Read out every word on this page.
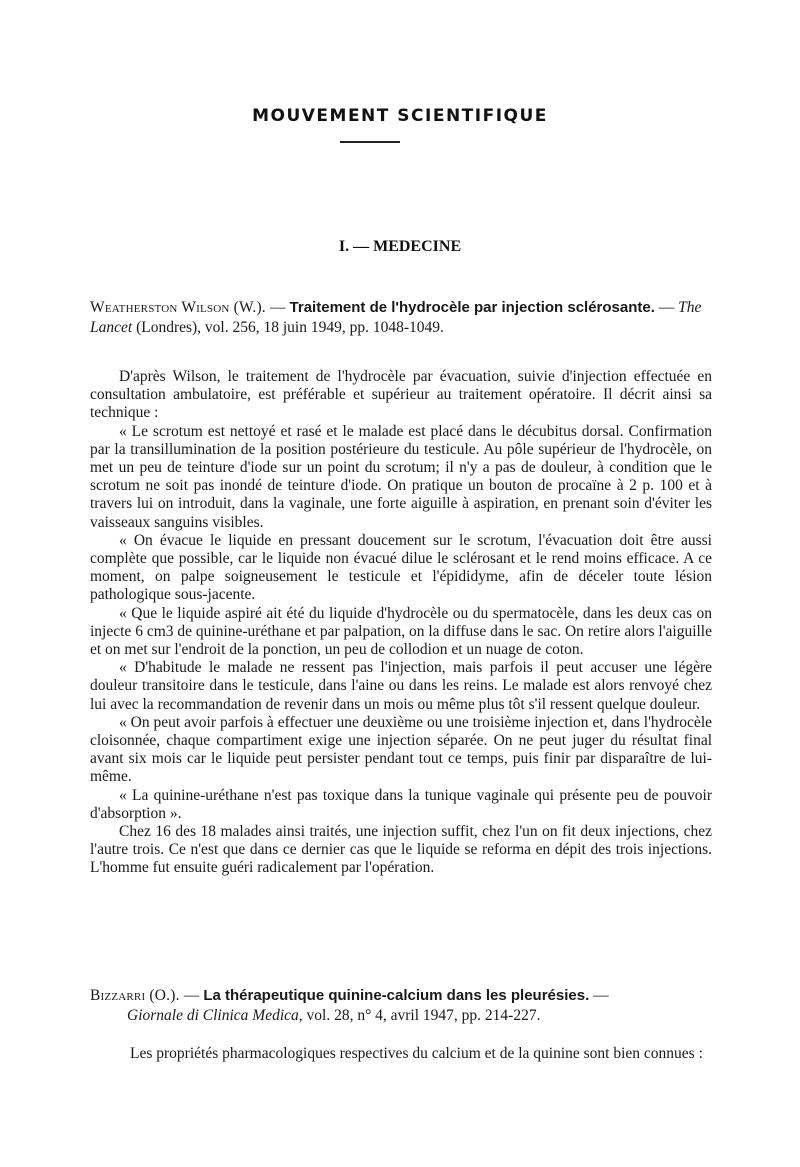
MOUVEMENT SCIENTIFIQUE
I. — MEDECINE
Weatherston Wilson (W.). — Traitement de l'hydrocèle par injection sclérosante. — The Lancet (Londres), vol. 256, 18 juin 1949, pp. 1048-1049.

D'après Wilson, le traitement de l'hydrocèle par évacuation, suivie d'injection effectuée en consultation ambulatoire, est préférable et supérieur au traitement opératoire. Il décrit ainsi sa technique :

« Le scrotum est nettoyé et rasé et le malade est placé dans le décubitus dorsal. Confirmation par la transillumination de la position postérieure du testicule. Au pôle supérieur de l'hydrocèle, on met un peu de teinture d'iode sur un point du scrotum; il n'y a pas de douleur, à condition que le scrotum ne soit pas inondé de teinture d'iode. On pratique un bouton de procaïne à 2 p. 100 et à travers lui on introduit, dans la vaginale, une forte aiguille à aspiration, en prenant soin d'éviter les vaisseaux sanguins visibles.

« On évacue le liquide en pressant doucement sur le scrotum, l'évacuation doit être aussi complète que possible, car le liquide non évacué dilue le sclérosant et le rend moins efficace. A ce moment, on palpe soigneusement le testicule et l'épididyme, afin de déceler toute lésion pathologique sous-jacente.

« Que le liquide aspiré ait été du liquide d'hydrocèle ou du spermatocèle, dans les deux cas on injecte 6 cm3 de quinine-uréthane et par palpation, on la diffuse dans le sac. On retire alors l'aiguille et on met sur l'endroit de la ponction, un peu de collodion et un nuage de coton.

« D'habitude le malade ne ressent pas l'injection, mais parfois il peut accuser une légère douleur transitoire dans le testicule, dans l'aine ou dans les reins. Le malade est alors renvoyé chez lui avec la recommandation de revenir dans un mois ou même plus tôt s'il ressent quelque douleur.

« On peut avoir parfois à effectuer une deuxième ou une troisième injection et, dans l'hydrocèle cloisonnée, chaque compartiment exige une injection séparée. On ne peut juger du résultat final avant six mois car le liquide peut persister pendant tout ce temps, puis finir par disparaître de lui-même.

« La quinine-uréthane n'est pas toxique dans la tunique vaginale qui présente peu de pouvoir d'absorption ».

Chez 16 des 18 malades ainsi traités, une injection suffit, chez l'un on fit deux injections, chez l'autre trois. Ce n'est que dans ce dernier cas que le liquide se reforma en dépit des trois injections. L'homme fut ensuite guéri radicalement par l'opération.

Bizzarri (O.). — La thérapeutique quinine-calcium dans les pleurésies. —
Giornale di Clinica Medica, vol. 28, n° 4, avril 1947, pp. 214-227.

Les propriétés pharmacologiques respectives du calcium et de la quinine sont bien connues :
